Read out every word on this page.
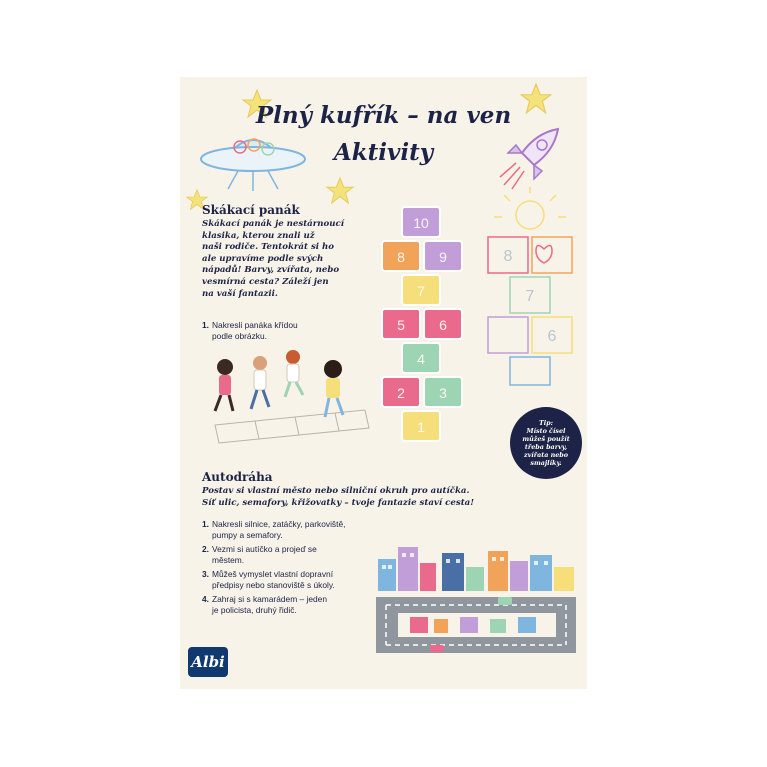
Plný kufřík – na ven
Aktivity
Skákací panák
Skákací panák je nestárnoucí
klasika, kterou znali už
naši rodiče. Tentokrát si ho
ale upravíme podle svých
nápadů! Barvy, zvířata, nebo
vesmírná cesta? Záleží jen
na vaší fantazii.
1. Nakresli panáka křídou
podle obrázku.
10
8 9
7
5 6
4
2 3
1
8
7
6
Tip:
Místo čísel
můžeš použít
třeba barvy,
zvířata nebo
smajlíky.
Autodráha
Postav si vlastní město nebo silniční okruh pro autíčka.
Síť ulic, semafory, křižovatky – tvoje fantazie staví cesta!
1. Nakresli silnice, zatáčky, parkoviště,
pumpy a semafory.
2. Vezmi si autíčko a projeď se
městem.
3. Můžeš vymyslet vlastní dopravní
předpisy nebo stanoviště s úkoly.
4. Zahraj si s kamarádem – jeden
je policista, druhý řidič.
Albi
